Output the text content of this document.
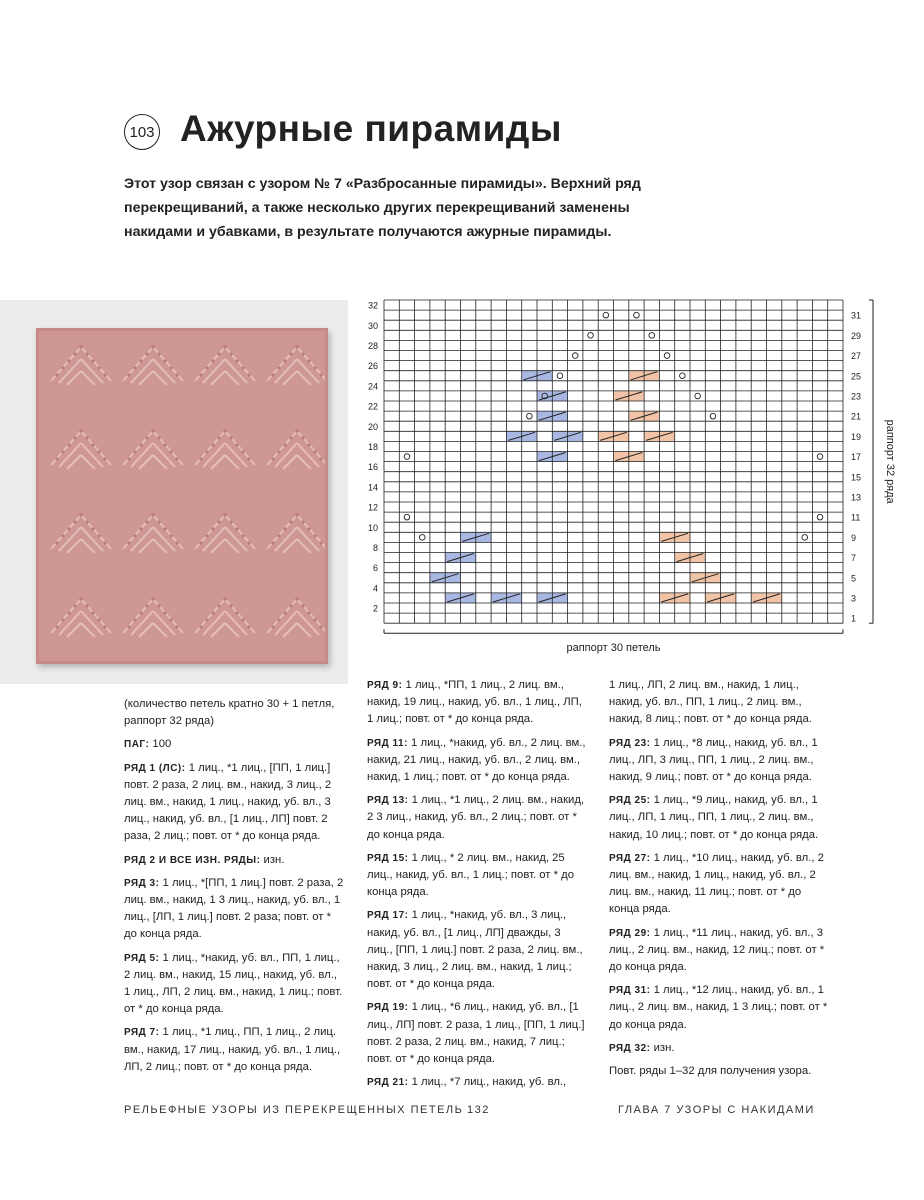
103 Ажурные пирамиды
Этот узор связан с узором № 7 «Разбросанные пирамиды». Верхний ряд перекрещиваний, а также несколько других перекрещиваний заменены накидами и убавками, в результате получаются ажурные пирамиды.
32
30
28
26
24
22
20
18
16
14
12
10
8
6
4
2
31
29
27
25
23
21
19
17
15
13
11
9
7
5
3
1
раппорт 30 петель
раппорт 32 ряда

(количество петель кратно 30 + 1 петля, раппорт 32 ряда)

ПАГ: 100

РЯД 1 (ЛС): 1 лиц., *1 лиц., [ПП, 1 лиц.] повт. 2 раза, 2 лиц. вм., накид, 3 лиц., 2 лиц. вм., накид, 1 лиц., накид, уб. вл., 3 лиц., накид, уб. вл., [1 лиц., ЛП] повт. 2 раза, 2 лиц.; повт. от * до конца ряда.

РЯД 2 И ВСЕ ИЗН. РЯДЫ: изн.

РЯД 3: 1 лиц., *[ПП, 1 лиц.] повт. 2 раза, 2 лиц. вм., накид, 1 3 лиц., накид, уб. вл., 1 лиц., [ЛП, 1 лиц.] повт. 2 раза; повт. от * до конца ряда.

РЯД 5: 1 лиц., *накид, уб. вл., ПП, 1 лиц., 2 лиц. вм., накид, 15 лиц., накид, уб. вл., 1 лиц., ЛП, 2 лиц. вм., накид, 1 лиц.; повт. от * до конца ряда.

РЯД 7: 1 лиц., *1 лиц., ПП, 1 лиц., 2 лиц. вм., накид, 17 лиц., накид, уб. вл., 1 лиц., ЛП, 2 лиц.; повт. от * до конца ряда.

РЯД 9: 1 лиц., *ПП, 1 лиц., 2 лиц. вм., накид, 19 лиц., накид, уб. вл., 1 лиц., ЛП, 1 лиц.; повт. от * до конца ряда.

РЯД 11: 1 лиц., *накид, уб. вл., 2 лиц. вм., накид, 21 лиц., накид, уб. вл., 2 лиц. вм., накид, 1 лиц.; повт. от * до конца ряда.

РЯД 13: 1 лиц., *1 лиц., 2 лиц. вм., накид, 2 3 лиц., накид, уб. вл., 2 лиц.; повт. от * до конца ряда.

РЯД 15: 1 лиц., * 2 лиц. вм., накид, 25 лиц., накид, уб. вл., 1 лиц.; повт. от * до конца ряда.

РЯД 17: 1 лиц., *накид, уб. вл., 3 лиц., накид, уб. вл., [1 лиц., ЛП] дважды, 3 лиц., [ПП, 1 лиц.] повт. 2 раза, 2 лиц. вм., накид, 3 лиц., 2 лиц. вм., накид, 1 лиц.; повт. от * до конца ряда.

РЯД 19: 1 лиц., *6 лиц., накид, уб. вл., [1 лиц., ЛП] повт. 2 раза, 1 лиц., [ПП, 1 лиц.] повт. 2 раза, 2 лиц. вм., накид, 7 лиц.; повт. от * до конца ряда.

РЯД 21: 1 лиц., *7 лиц., накид, уб. вл.,

1 лиц., ЛП, 2 лиц. вм., накид, 1 лиц., накид, уб. вл., ПП, 1 лиц., 2 лиц. вм., накид, 8 лиц.; повт. от * до конца ряда.

РЯД 23: 1 лиц., *8 лиц., накид, уб. вл., 1 лиц., ЛП, 3 лиц., ПП, 1 лиц., 2 лиц. вм., накид, 9 лиц.; повт. от * до конца ряда.

РЯД 25: 1 лиц., *9 лиц., накид, уб. вл., 1 лиц., ЛП, 1 лиц., ПП, 1 лиц., 2 лиц. вм., накид, 10 лиц.; повт. от * до конца ряда.

РЯД 27: 1 лиц., *10 лиц., накид, уб. вл., 2 лиц. вм., накид, 1 лиц., накид, уб. вл., 2 лиц. вм., накид, 11 лиц.; повт. от * до конца ряда.

РЯД 29: 1 лиц., *11 лиц., накид, уб. вл., 3 лиц., 2 лиц. вм., накид, 12 лиц.; повт. от * до конца ряда.

РЯД 31: 1 лиц., *12 лиц., накид, уб. вл., 1 лиц., 2 лиц. вм., накид, 1 3 лиц.; повт. от * до конца ряда.

РЯД 32: изн.

Повт. ряды 1–32 для получения узора.

РЕЛЬЕФНЫЕ УЗОРЫ ИЗ ПЕРЕКРЕЩЕННЫХ ПЕТЕЛЬ 132	ГЛАВА 7 УЗОРЫ С НАКИДАМИ
